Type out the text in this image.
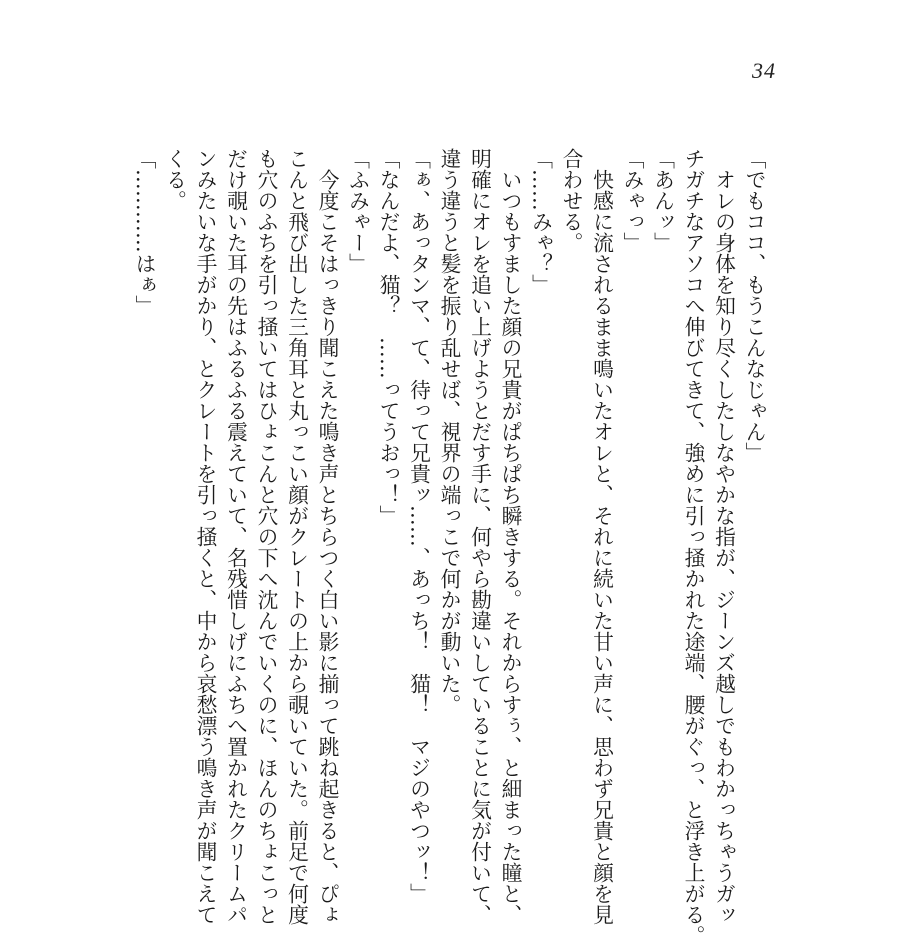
34

「でもココ、もうこんなじゃん」

　オレの身体を知り尽くしたしなやかな指が、ジーンズ越しでもわかっちゃうガッ

チガチなアソコへ伸びてきて、強めに引っ掻かれた途端、腰がぐっ、と浮き上がる。

「あんッ」

「みゃっ」

　快感に流されるまま鳴いたオレと、それに続いた甘い声に、思わず兄貴と顔を見

合わせる。

「……みゃ？」

　いつもすました顔の兄貴がぱちぱち瞬きする。それからすぅ、と細まった瞳と、

明確にオレを追い上げようとだす手に、何やら勘違いしていることに気が付いて、

違う違うと髪を振り乱せば、視界の端っこで何かが動いた。

「ぁ、あっタンマ、て、待って兄貴ッ……、あっち！　猫！　マジのやつッ！」

「なんだよ、猫？　……ってうおっ！」

「ふみゃー」

　今度こそはっきり聞こえた鳴き声とちらつく白い影に揃って跳ね起きると、ぴょ

こんと飛び出した三角耳と丸っこい顔がクレートの上から覗いていた。前足で何度

も穴のふちを引っ掻いてはひょこんと穴の下へ沈んでいくのに、ほんのちょこっと

だけ覗いた耳の先はふるふる震えていて、名残惜しげにふちへ置かれたクリームパ

ンみたいな手がかり、とクレートを引っ掻くと、中から哀愁漂う鳴き声が聞こえて

くる。

「…………はぁ」
